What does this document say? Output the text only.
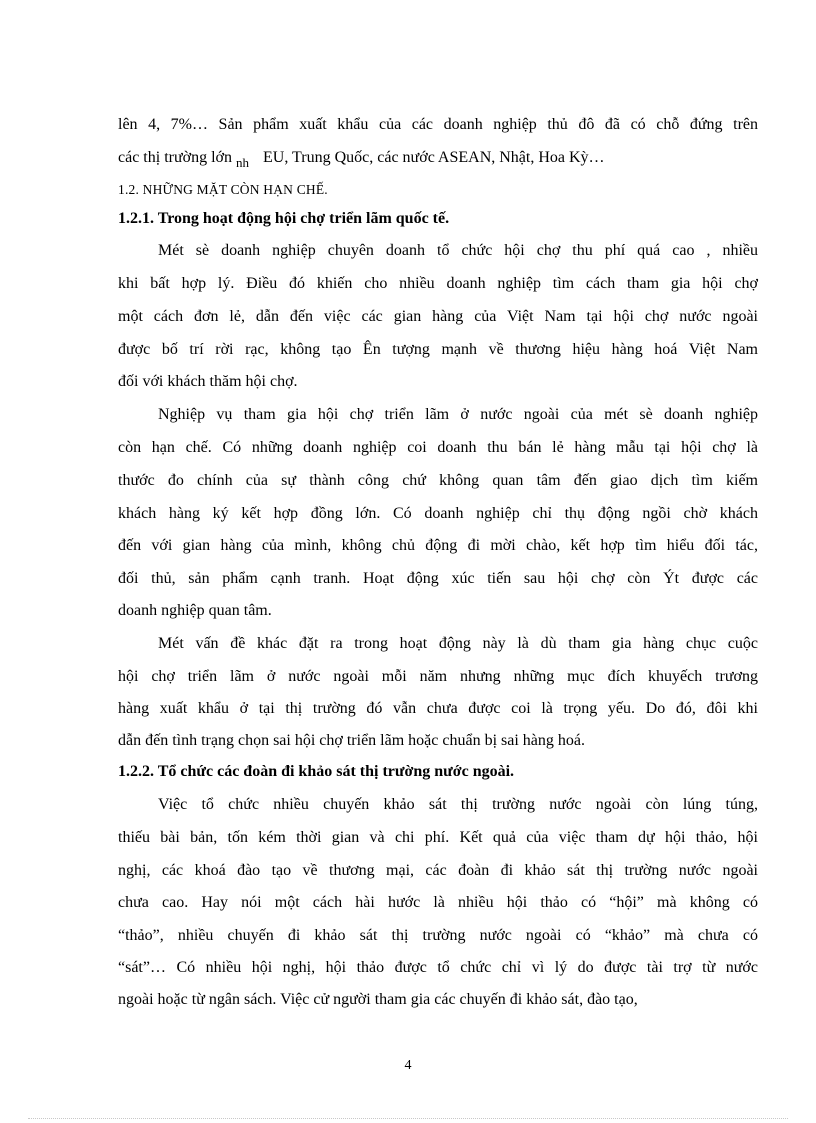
lên 4, 7%… Sản phẩm xuất khẩu của các doanh nghiệp thủ đô đã có chỗ đứng trên
các thị trường lớn $_{nh}$ EU, Trung Quốc, các nước ASEAN, Nhật, Hoa Kỳ…
1.2. NHỮNG MẶT CÒN HẠN CHẾ.
1.2.1. Trong hoạt động hội chợ triển lãm quốc tế.
Mét sè doanh nghiệp chuyên doanh tổ chức hội chợ thu phí quá cao , nhiều
khi bất hợp lý. Điều đó khiến cho nhiều doanh nghiệp tìm cách tham gia hội chợ
một cách đơn lẻ, dẫn đến việc các gian hàng của Việt Nam tại hội chợ nước ngoài
được bố trí rời rạc, không tạo Ên tượng mạnh về thương hiệu hàng hoá Việt Nam
đối với khách thăm hội chợ.
Nghiệp vụ tham gia hội chợ triển lãm ở nước ngoài của mét sè doanh nghiệp
còn hạn chế. Có những doanh nghiệp coi doanh thu bán lẻ hàng mẫu tại hội chợ là
thước đo chính của sự thành công chứ không quan tâm đến giao dịch tìm kiếm
khách hàng ký kết hợp đồng lớn. Có doanh nghiệp chỉ thụ động ngồi chờ khách
đến với gian hàng của mình, không chủ động đi mời chào, kết hợp tìm hiểu đối tác,
đối thủ, sản phẩm cạnh tranh. Hoạt động xúc tiến sau hội chợ còn Ýt được các
doanh nghiệp quan tâm.
Mét vấn đề khác đặt ra trong hoạt động này là dù tham gia hàng chục cuộc
hội chợ triển lãm ở nước ngoài mỗi năm nhưng những mục đích khuyếch trương
hàng xuất khẩu ở tại thị trường đó vẫn chưa được coi là trọng yếu. Do đó, đôi khi
dẫn đến tình trạng chọn sai hội chợ triển lãm hoặc chuẩn bị sai hàng hoá.
1.2.2. Tổ chức các đoàn đi khảo sát thị trường nước ngoài.
Việc tổ chức nhiều chuyến khảo sát thị trường nước ngoài còn lúng túng,
thiếu bài bản, tốn kém thời gian và chi phí. Kết quả của việc tham dự hội thảo, hội
nghị, các khoá đào tạo về thương mại, các đoàn đi khảo sát thị trường nước ngoài
chưa cao. Hay nói một cách hài hước là nhiều hội thảo có “hội” mà không có
“thảo”, nhiều chuyến đi khảo sát thị trường nước ngoài có “khảo” mà chưa có
“sát”… Có nhiều hội nghị, hội thảo được tổ chức chỉ vì lý do được tài trợ từ nước
ngoài hoặc từ ngân sách. Việc cử người tham gia các chuyến đi khảo sát, đào tạo,
4
